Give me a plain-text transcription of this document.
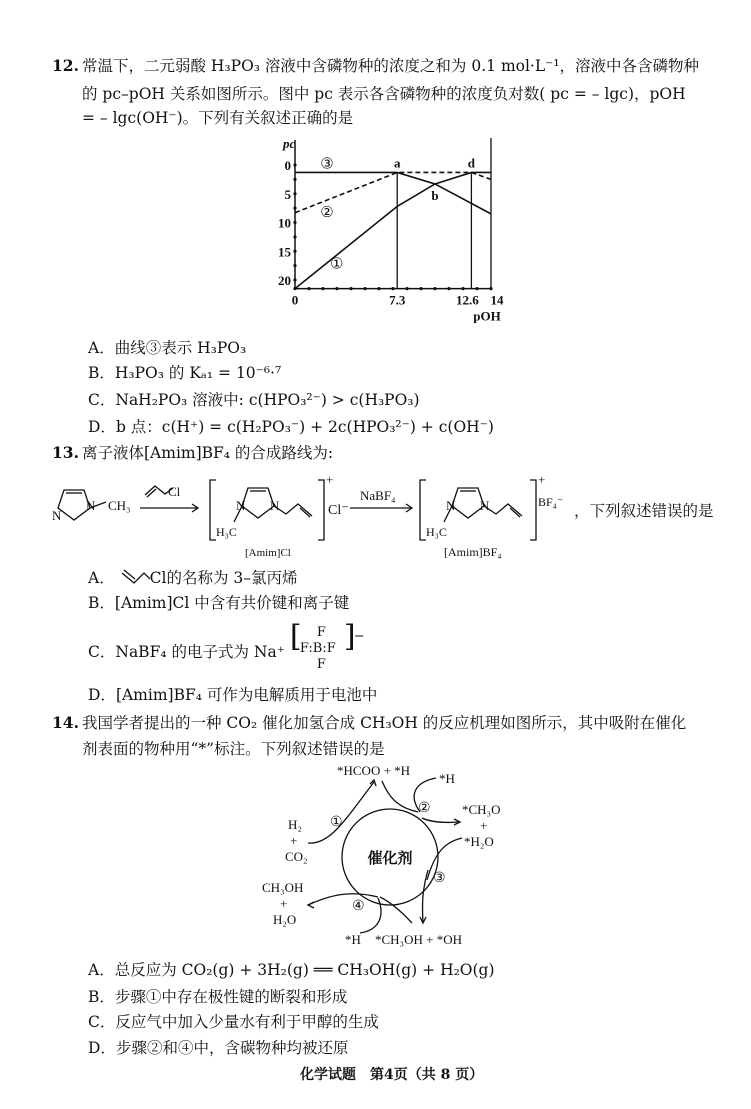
12. 常温下，二元弱酸 H₃PO₃ 溶液中含磷物种的浓度之和为 0.1 mol·L⁻¹，溶液中各含磷物种
的 pc–pOH 关系如图所示。图中 pc 表示各含磷物种的浓度负对数( pc = – lgc)，pOH
= – lgc(OH⁻)。下列有关叙述正确的是
0
5
10
15
20
0	7.3	12.6 14
pc
pOH
a
b
d
③
②
①
A．曲线③表示 H₃PO₃
B．H₃PO₃ 的 Kₐ₁ = 10⁻⁶·⁷
C．NaH₂PO₃ 溶液中: c(HPO₃²⁻) > c(H₃PO₃)
D．b 点：c(H⁺) = c(H₂PO₃⁻) + 2c(HPO₃²⁻) + c(OH⁻)
13. 离子液体[Amim]BF₄ 的合成路线为:
N
N CH₃
Cl
N N
H₃C
+
Cl⁻
NaBF₄
N N
H₃C
+
BF₄⁻
[Amim]Cl	[Amim]BF₄
，下列叙述错误的是
A． Cl的名称为 3–氯丙烯
B．[Amim]Cl 中含有共价键和离子键
C．NaBF₄ 的电子式为 Na⁺ [
F:B:F
F
F
]
−
D．[Amim]BF₄ 可作为电解质用于电池中
14. 我国学者提出的一种 CO₂ 催化加氢合成 CH₃OH 的反应机理如图所示，其中吸附在催化
剂表面的物种用“*”标注。下列叙述错误的是
催化剂
*HCOO + *H
*H
*CH₃O
+
*H₂O
*CH₃OH + *OH
*H
CH₃OH
+
H₂O
H₂
+
CO₂
①
②
③
④
A．总反应为 CO₂(g) + 3H₂(g) ══ CH₃OH(g) + H₂O(g)
B．步骤①中存在极性键的断裂和形成
C．反应气中加入少量水有利于甲醇的生成
D．步骤②和④中，含碳物种均被还原
化学试题　第4页（共 8 页）
